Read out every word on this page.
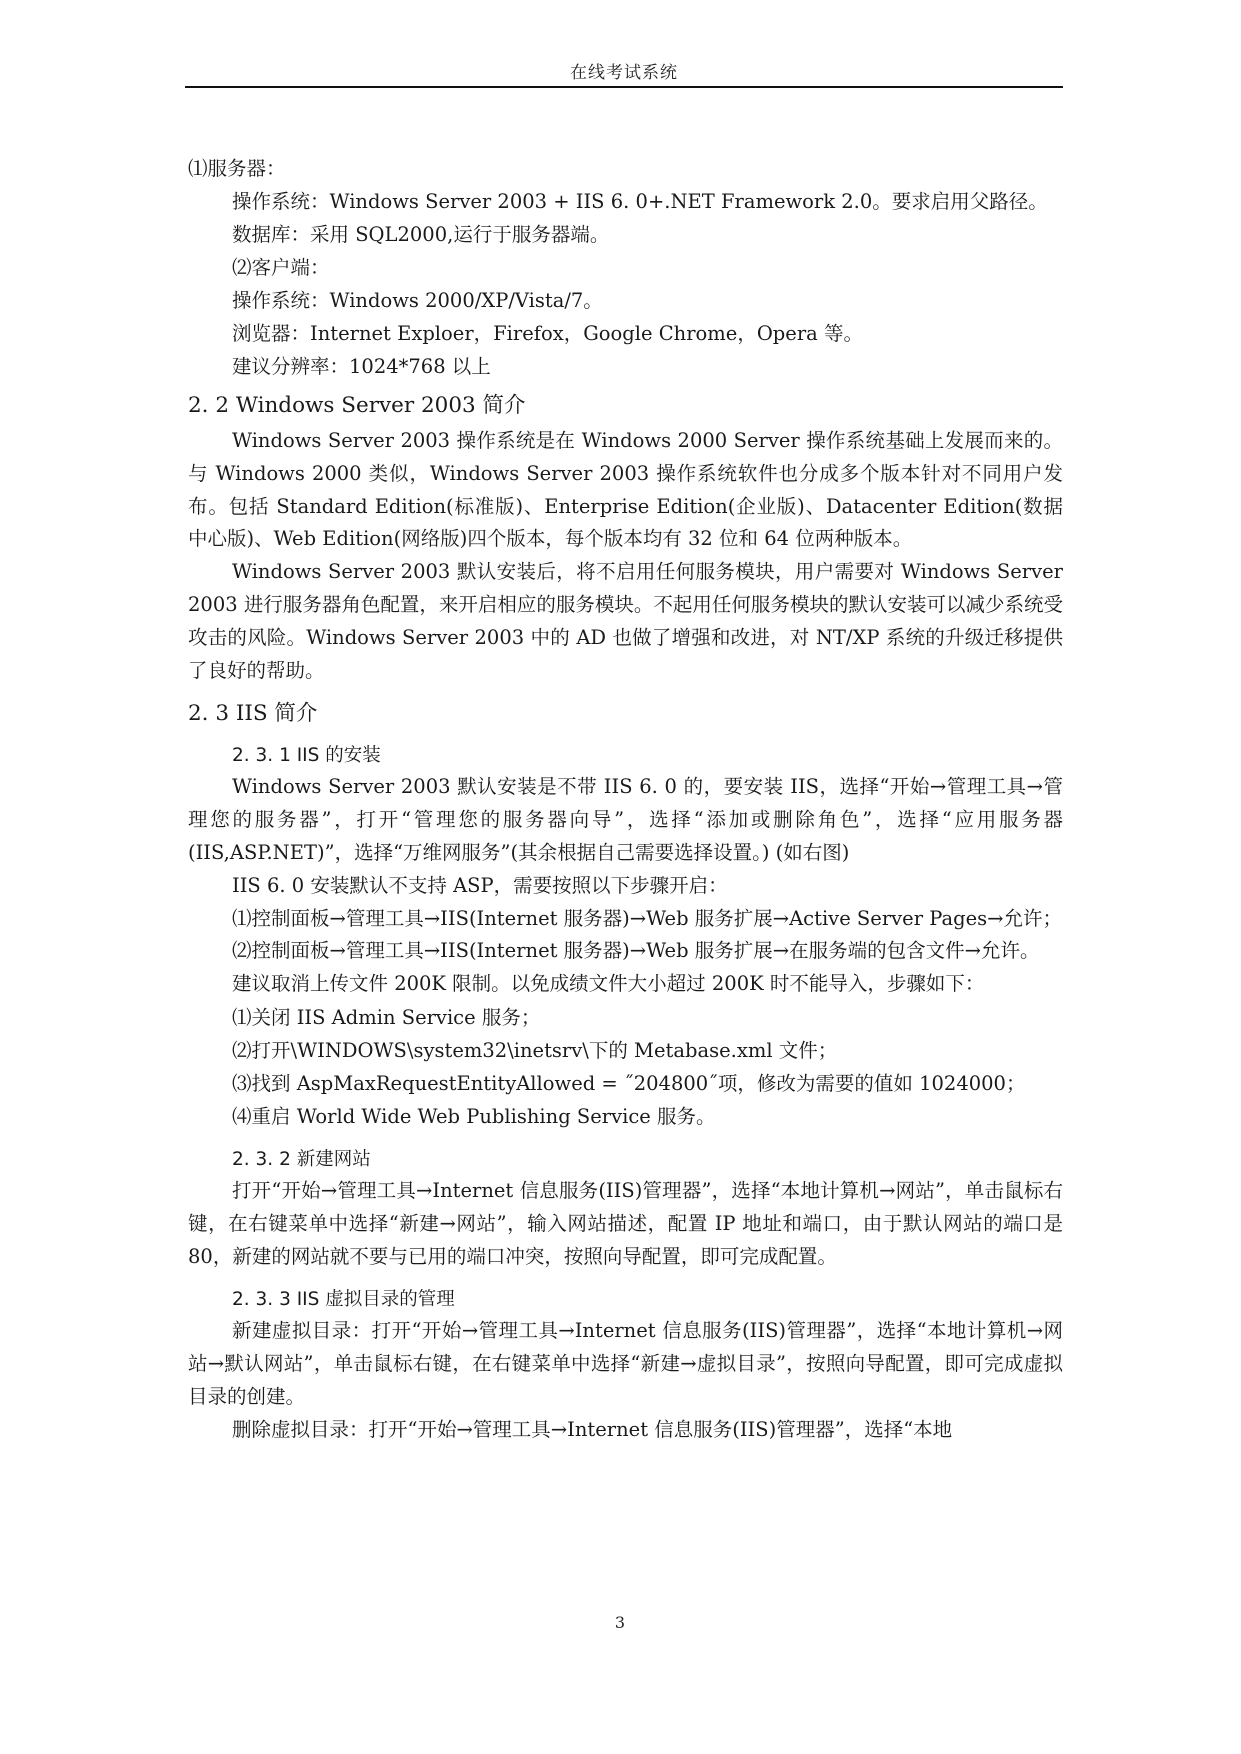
在线考试系统
⑴服务器：
操作系统：Windows Server 2003 + IIS 6. 0+.NET Framework 2.0。要求启用父路径。
数据库：采用 SQL2000,运行于服务器端。
⑵客户端：
操作系统：Windows 2000/XP/Vista/7。
浏览器：Internet Exploer，Firefox，Google Chrome，Opera 等。
建议分辨率：1024*768 以上
2. 2 Windows Server 2003 简介

Windows Server 2003 操作系统是在 Windows 2000 Server 操作系统基础上发展而来的。与 Windows 2000 类似，Windows Server 2003 操作系统软件也分成多个版本针对不同用户发布。包括 Standard Edition(标准版)、Enterprise Edition(企业版)、Datacenter Edition(数据中心版)、Web Edition(网络版)四个版本，每个版本均有 32 位和 64 位两种版本。

Windows Server 2003 默认安装后，将不启用任何服务模块，用户需要对 Windows Server 2003 进行服务器角色配置，来开启相应的服务模块。不起用任何服务模块的默认安装可以减少系统受攻击的风险。Windows Server 2003 中的 AD 也做了增强和改进，对 NT/XP 系统的升级迁移提供了良好的帮助。

2. 3 IIS 简介
2. 3. 1 IIS 的安装

Windows Server 2003 默认安装是不带 IIS 6. 0 的，要安装 IIS，选择“开始→管理工具→管理您的服务器”，打开“管理您的服务器向导”，选择“添加或删除角色”，选择“应用服务器(IIS,ASP.NET)”，选择“万维网服务”(其余根据自己需要选择设置。) (如右图)

IIS 6. 0 安装默认不支持 ASP，需要按照以下步骤开启：

⑴控制面板→管理工具→IIS(Internet 服务器)→Web 服务扩展→Active Server Pages→允许；

⑵控制面板→管理工具→IIS(Internet 服务器)→Web 服务扩展→在服务端的包含文件→允许。

建议取消上传文件 200K 限制。以免成绩文件大小超过 200K 时不能导入，步骤如下：

⑴关闭 IIS Admin Service 服务；
⑵打开\WINDOWS\system32\inetsrv\下的 Metabase.xml 文件；
⑶找到 AspMaxRequestEntityAllowed = ˝204800˝项，修改为需要的值如 1024000；
⑷重启 World Wide Web Publishing Service 服务。
2. 3. 2 新建网站

打开“开始→管理工具→Internet 信息服务(IIS)管理器”，选择“本地计算机→网站”，单击鼠标右键，在右键菜单中选择“新建→网站”，输入网站描述，配置 IP 地址和端口，由于默认网站的端口是 80，新建的网站就不要与已用的端口冲突，按照向导配置，即可完成配置。

2. 3. 3 IIS 虚拟目录的管理

新建虚拟目录：打开“开始→管理工具→Internet 信息服务(IIS)管理器”，选择“本地计算机→网站→默认网站”，单击鼠标右键，在右键菜单中选择“新建→虚拟目录”，按照向导配置，即可完成虚拟目录的创建。

删除虚拟目录：打开“开始→管理工具→Internet 信息服务(IIS)管理器”，选择“本地

3
